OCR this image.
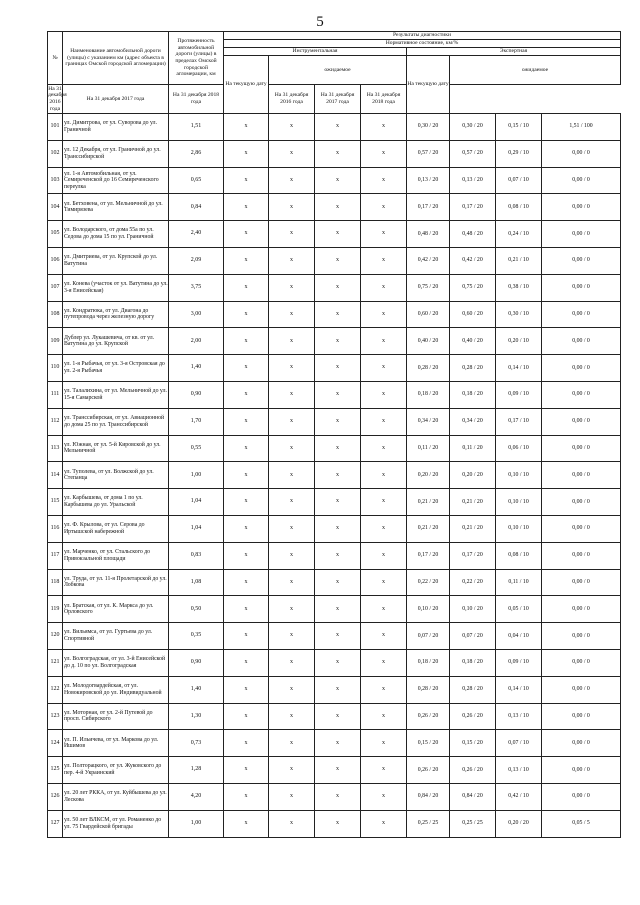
5
№	Наименование автомобильной дороги (улицы) с указанием км (адрес объекта в границах Омской городской агломерации)	Протяженность автомобильной дороги (улицы) в пределах Омской городской агломерации, км	Результаты диагностики							
			Нормативное состояние, км/%							
			Инструментальная				Экспертная			
			На текущую дату	ожидаемое			На текущую дату	ожидаемое		
На 31 декабря 2016 года	На 31 декабря 2017 года	На 31 декабря 2018 года		На 31 декабря 2016 года	На 31 декабря 2017 года	На 31 декабря 2018 года				
101	ул. Димитрова, от ул. Суворова до ул. Граничной	1,51	x	x	x	x	0,30 / 20	0,30 / 20	0,15 / 10	1,51 / 100
102	ул. 12 Декабря, от ул. Граничной до ул. Транссибирской	2,86	x	x	x	x	0,57 / 20	0,57 / 20	0,29 / 10	0,00 / 0
103	ул. 1-я Автомобильная, от ул. Семиреченской до 16 Семиреченского переулка	0,65	x	x	x	x	0,13 / 20	0,13 / 20	0,07 / 10	0,00 / 0
104	ул. Бетховена, от ул. Мельничной до ул. Тимирязева	0,84	x	x	x	x	0,17 / 20	0,17 / 20	0,08 / 10	0,00 / 0
105	ул. Володарского, от дома 55а по ул. Седова до дома 15 по ул. Граничной	2,40	x	x	x	x	0,48 / 20	0,48 / 20	0,24 / 10	0,00 / 0
106	ул. Дмитриева, от ул. Крупской до ул. Ватутина	2,09	x	x	x	x	0,42 / 20	0,42 / 20	0,21 / 10	0,00 / 0
107	ул. Конева (участок от ул. Ватутина до ул. 3-я Енисейская)	3,75	x	x	x	x	0,75 / 20	0,75 / 20	0,38 / 10	0,00 / 0
108	ул. Кондратюка, от ул. Диагона до путепровода через железную дорогу	3,00	x	x	x	x	0,60 / 20	0,60 / 20	0,30 / 10	0,00 / 0
109	Дублер ул. Лукашевича, от кв. от ул. Ватутина до ул. Крупской	2,00	x	x	x	x	0,40 / 20	0,40 / 20	0,20 / 10	0,00 / 0
110	ул. 1-я Рыбачья, от ул. 3-я Островская до ул. 2-я Рыбачья	1,40	x	x	x	x	0,28 / 20	0,28 / 20	0,14 / 10	0,00 / 0
111	ул. Талалихина, от ул. Мельничной до ул. 15-я Самарской	0,90	x	x	x	x	0,18 / 20	0,18 / 20	0,09 / 10	0,00 / 0
112	ул. Транссибирская, от ул. Авиационной до дома 25 по ул. Транссибирской	1,70	x	x	x	x	0,34 / 20	0,34 / 20	0,17 / 10	0,00 / 0
113	ул. Южная, от ул. 5-й Кировской до ул. Мельничной	0,55	x	x	x	x	0,11 / 20	0,11 / 20	0,06 / 10	0,00 / 0
114	ул. Туполева, от ул. Волжской до ул. Степанца	1,00	x	x	x	x	0,20 / 20	0,20 / 20	0,10 / 10	0,00 / 0
115	ул. Карбышева, от дома 1 по ул. Карбышева до ул. Уральской	1,04	x	x	x	x	0,21 / 20	0,21 / 20	0,10 / 10	0,00 / 0
116	ул. Ф. Крылова, от ул. Серова до Иртышской набережной	1,04	x	x	x	x	0,21 / 20	0,21 / 20	0,10 / 10	0,00 / 0
117	ул. Марченко, от ул. Стальского до Привокзальной площади	0,83	x	x	x	x	0,17 / 20	0,17 / 20	0,08 / 10	0,00 / 0
118	ул. Труда, от ул. 11-я Пролетарской до ул. Лобкова	1,08	x	x	x	x	0,22 / 20	0,22 / 20	0,11 / 10	0,00 / 0
119	ул. Братская, от ул. К. Маркса до ул. Орловского	0,50	x	x	x	x	0,10 / 20	0,10 / 20	0,05 / 10	0,00 / 0
120	ул. Вильямса, от ул. Гуртьева до ул. Спортивной	0,35	x	x	x	x	0,07 / 20	0,07 / 20	0,04 / 10	0,00 / 0
121	ул. Волгоградская, от ул. 3-й Енисейской до д. 10 по ул. Волгоградская	0,90	x	x	x	x	0,18 / 20	0,18 / 20	0,09 / 10	0,00 / 0
122	ул. Молодогвардейская, от ул. Новокировской до ул. Индивидуальной	1,40	x	x	x	x	0,28 / 20	0,28 / 20	0,14 / 10	0,00 / 0
123	ул. Моторная, от ул. 2-й Путевой до просп. Сибирского	1,30	x	x	x	x	0,26 / 20	0,26 / 20	0,13 / 10	0,00 / 0
124	ул. П. Ильичева, от ул. Маркова до ул. Ишимов	0,73	x	x	x	x	0,15 / 20	0,15 / 20	0,07 / 10	0,00 / 0
125	ул. Полторацкого, от ул. Жуковского до пер. 4-й Украинский	1,28	x	x	x	x	0,26 / 20	0,26 / 20	0,13 / 10	0,00 / 0
126	ул. 20 лет РККА, от ул. Куйбышева до ул. Лескова	4,20	x	x	x	x	0,84 / 20	0,84 / 20	0,42 / 10	0,00 / 0
127	ул. 50 лет ВЛКСМ, от ул. Романенко до ул. 75 Гвардейской бригады	1,00	x	x	x	x	0,25 / 25	0,25 / 25	0,20 / 20	0,05 / 5
